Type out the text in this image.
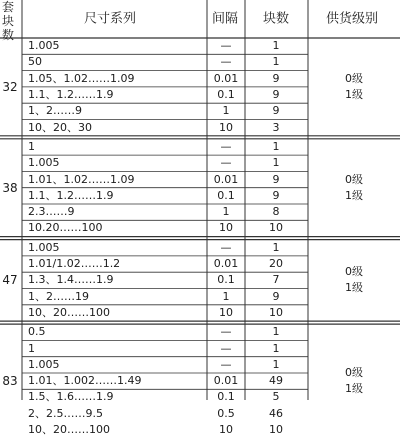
套
块
数
尺寸系列	间隔 块数	供货级别
32
1.005	—	1
50	—	1
1.05、1.02……1.09	0.01	9
1.1、1.2……1.9	0.1	9
1、2……9	1	9
10、20、30	10	3
0级
1级
38
1	—	1
1.005	—	1
1.01、1.02……1.09	0.01	9
1.1、1.2……1.9	0.1	9
2.3……9	1	8
10.20……100	10	10
0级
1级
47
1.005	—	1
1.01/1.02……1.2	0.01	20
1.3、1.4……1.9	0.1	7
1、2……19	1	9
10、20……100	10	10
0级
1级
83
0.5	—	1
1	—	1
1.005	—	1
1.01、1.002……1.49	0.01	49
1.5、1.6……1.9	0.1	5
2、2.5……9.5	0.5	46
10、20……100	10	10
0级
1级
